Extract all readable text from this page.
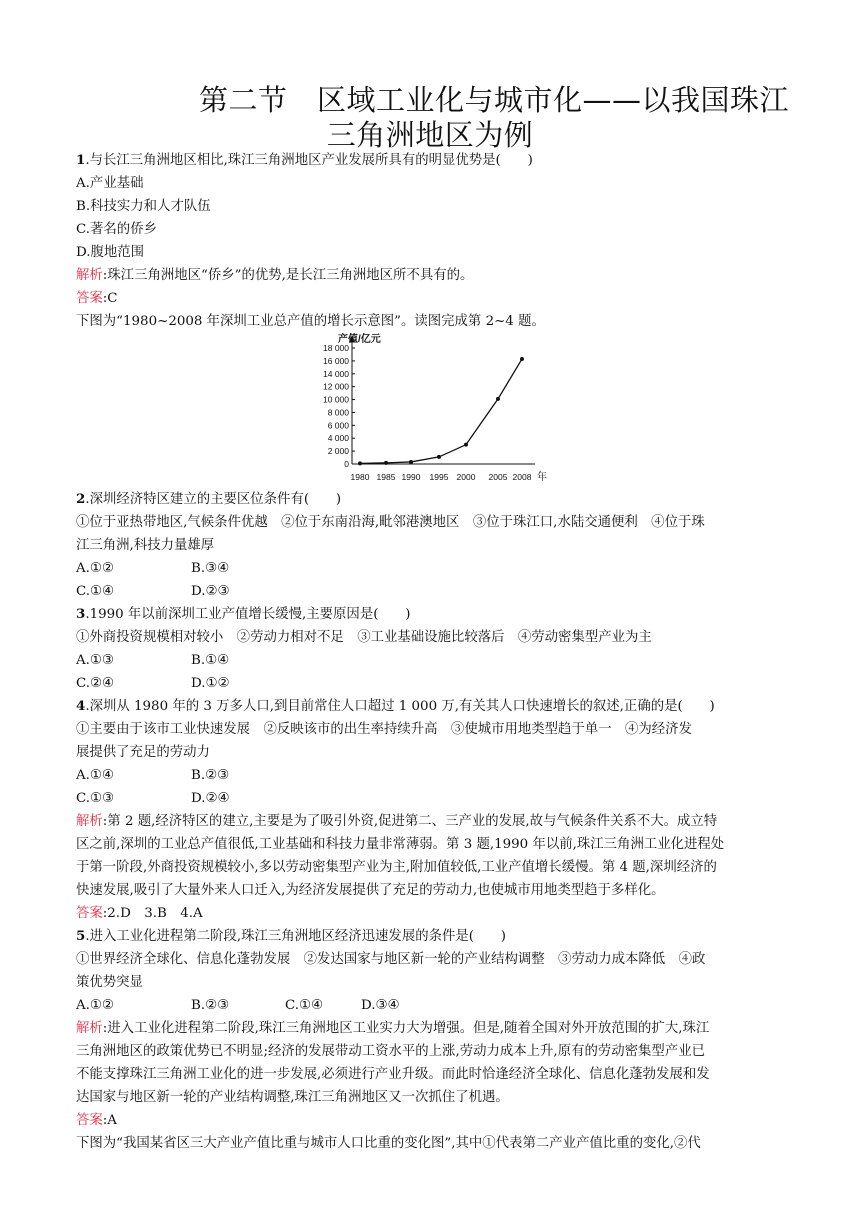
第二节　区域工业化与城市化——以我国珠江
三角洲地区为例
1.与长江三角洲地区相比,珠江三角洲地区产业发展所具有的明显优势是(　　)
A.产业基础
B.科技实力和人才队伍
C.著名的侨乡
D.腹地范围
解析:珠江三角洲地区“侨乡”的优势,是长江三角洲地区所不具有的。
答案:C
下图为“1980~2008 年深圳工业总产值的增长示意图”。读图完成第 2~4 题。
0
2 000
4 000
6 000
8 000
10 000
12 000
14 000
16 000
18 000
产值/亿元
1980 1985 1990 1995 2000 2005 2008 年
2.深圳经济特区建立的主要区位条件有(　　)
①位于亚热带地区,气候条件优越　②位于东南沿海,毗邻港澳地区　③位于珠江口,水陆交通便利　④位于珠
江三角洲,科技力量雄厚
A.①②	B.③④
C.①④	D.②③
3.1990 年以前深圳工业产值增长缓慢,主要原因是(　　)
①外商投资规模相对较小　②劳动力相对不足　③工业基础设施比较落后　④劳动密集型产业为主
A.①③	B.①④
C.②④	D.①②
4.深圳从 1980 年的 3 万多人口,到目前常住人口超过 1 000 万,有关其人口快速增长的叙述,正确的是(　　)
①主要由于该市工业快速发展　②反映该市的出生率持续升高　③使城市用地类型趋于单一　④为经济发
展提供了充足的劳动力
A.①④	B.②③
C.①③	D.②④
解析:第 2 题,经济特区的建立,主要是为了吸引外资,促进第二、三产业的发展,故与气候条件关系不大。成立特
区之前,深圳的工业总产值很低,工业基础和科技力量非常薄弱。第 3 题,1990 年以前,珠江三角洲工业化进程处
于第一阶段,外商投资规模较小,多以劳动密集型产业为主,附加值较低,工业产值增长缓慢。第 4 题,深圳经济的
快速发展,吸引了大量外来人口迁入,为经济发展提供了充足的劳动力,也使城市用地类型趋于多样化。
答案:2.D　3.B　4.A
5.进入工业化进程第二阶段,珠江三角洲地区经济迅速发展的条件是(　　)
①世界经济全球化、信息化蓬勃发展　②发达国家与地区新一轮的产业结构调整　③劳动力成本降低　④政
策优势突显
A.①②	B.②③	C.①④	D.③④
解析:进入工业化进程第二阶段,珠江三角洲地区工业实力大为增强。但是,随着全国对外开放范围的扩大,珠江
三角洲地区的政策优势已不明显;经济的发展带动工资水平的上涨,劳动力成本上升,原有的劳动密集型产业已
不能支撑珠江三角洲工业化的进一步发展,必须进行产业升级。而此时恰逢经济全球化、信息化蓬勃发展和发
达国家与地区新一轮的产业结构调整,珠江三角洲地区又一次抓住了机遇。
答案:A
下图为“我国某省区三大产业产值比重与城市人口比重的变化图”,其中①代表第二产业产值比重的变化,②代
